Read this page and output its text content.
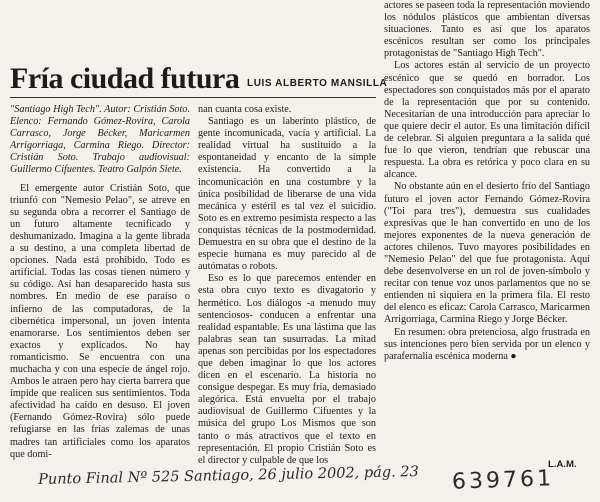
Fría ciudad futura LUIS ALBERTO MANSILLA

"Santiago High Tech". Autor: Cristián Soto. Elenco: Fernando Gómez-Rovira, Carola Carrasco, Jorge Bécker, Maricarmen Arrigorriaga, Carmina Riego. Director: Cristián Soto. Trabajo audiovisual: Guillermo Cifuentes. Teatro Galpón Siete.

El emergente autor Cristián Soto, que triunfó con "Nemesio Pelao", se atreve en su segunda obra a recorrer el Santiago de un futuro altamente tecnificado y deshumanizado. Imagina a la gente librada a su destino, a una completa libertad de opciones. Nada está prohibido. Todo es artificial. Todas las cosas tienen número y su código. Así han desaparecido hasta sus nombres. En medio de ese paraíso o infierno de las computadoras, de la cibernética impersonal, un joven intenta enamorarse. Los sentimientos deben ser exactos y explicados. No hay romanticismo. Se encuentra con una muchacha y con una especie de ángel rojo. Ambos le atraen pero hay cierta barrera que impide que realicen sus sentimientos. Toda afectividad ha caído en desuso. El joven (Fernando Gómez-Rovira) sólo puede refugiarse en las frías zalemas de unas madres tan artificiales como los aparatos que domi-

nan cuanta cosa existe.

Santiago es un laberinto plástico, de gente incomunicada, vacía y artificial. La realidad virtual ha sustituido a la espontaneidad y encanto de la simple existencia. Ha convertido a la incomunicación en una costumbre y la única posibilidad de liberarse de una vida mecánica y estéril es tal vez el suicidio. Soto es en extremo pesimista respecto a las conquistas técnicas de la postmodernidad. Demuestra en su obra que el destino de la especie humana es muy parecido al de autómatas o robots.

Eso es lo que parecemos entender en esta obra cuyo texto es divagatorio y hermético. Los diálogos -a menudo muy sentenciosos- conducen a enfrentar una realidad espantable. Es una lástima que las palabras sean tan susurradas. La mitad apenas son percibidas por los espectadores que deben imaginar lo que los actores dicen en el escenario. La historia no consigue despegar. Es muy fría, demasiado alegórica. Está envuelta por el trabajo audiovisual de Guillermo Cifuentes y la música del grupo Los Mismos que son tanto o más atractivos que el texto en representación. El propio Cristián Soto es el director y culpable de que los

actores se paseen toda la representación moviendo los nódulos plásticos que ambientan diversas situaciones. Tanto es así que los aparatos escénicos resultan ser como los principales protagonistas de "Santiago High Tech".

Los actores están al servicio de un proyecto escénico que se quedó en borrador. Los espectadores son conquistados más por el aparato de la representación que por su contenido. Necesitarían de una introducción para apreciar lo que quiere decir el autor. Es una limitación difícil de celebrar. Si alguien preguntara a la salida qué fue lo que vieron, tendrían que rebuscar una respuesta. La obra es retórica y poco clara en su alcance.

No obstante aún en el desierto frío del Santiago futuro el joven actor Fernando Gómez-Rovira ("Toi para tres"), demuestra sus cualidades expresivas que le han convertido en uno de los mejores exponentes de la nueva generación de actores chilenos. Tuvo mayores posibilidades en "Nemesio Pelao" del que fue protagonista. Aquí debe desenvolverse en un rol de joven-símbolo y recitar con tenue voz unos parlamentos que no se entienden ni siquiera en la primera fila. El resto del elenco es eficaz: Carola Carrasco, Maricarmen Arrigorriaga, Carmina Riego y Jorge Bécker.

En resumen: obra pretenciosa, algo frustrada en sus intenciones pero bien servida por un elenco y parafernalia escénica moderna ●

L.A.M.

Punto Final Nº 525 Santiago, 26 julio 2002, pág. 23 639761
